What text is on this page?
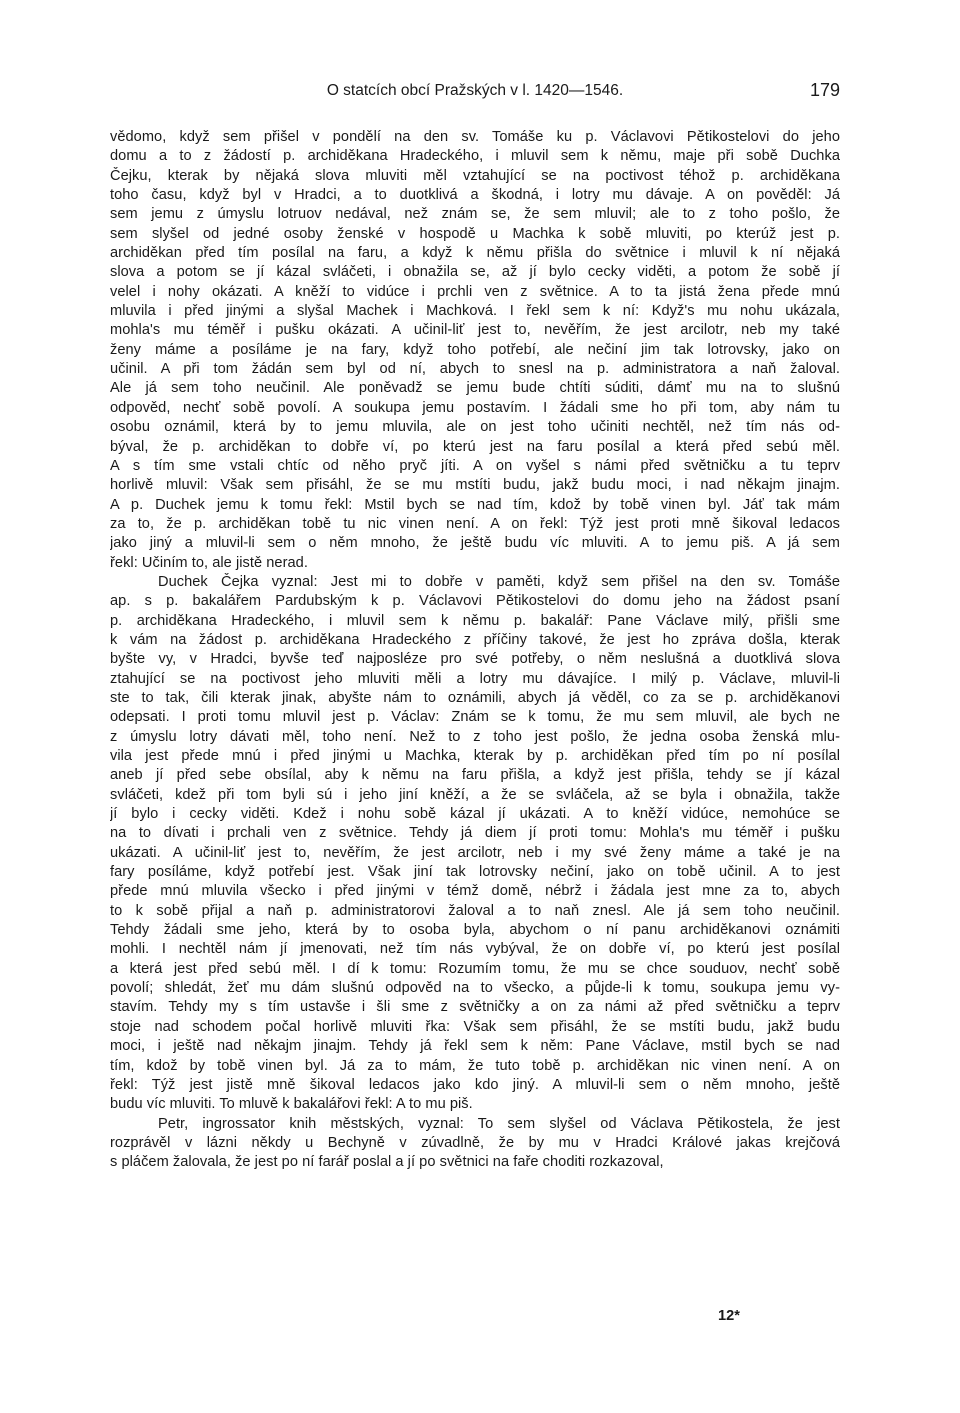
O statcích obcí Pražských v l. 1420—1546.	179
vědomo, když sem přišel v pondělí na den sv. Tomáše ku p. Václavovi Pětikostelovi do jeho
domu a to z žádostí p. archiděkana Hradeckého, i mluvil sem k němu, maje při sobě Duchka
Čejku, kterak by nějaká slova mluviti měl vztahující se na poctivost téhož p. archiděkana
toho času, když byl v Hradci, a to duotklivá a škodná, i lotry mu dávaje. A on pověděl: Já
sem jemu z úmyslu lotruov nedával, než znám se, že sem mluvil; ale to z toho pošlo, že
sem slyšel od jedné osoby ženské v hospodě u Machka k sobě mluviti, po kterúž jest p.
archiděkan před tím posílal na faru, a když k němu přišla do světnice i mluvil k ní nějaká
slova a potom se jí kázal svláčeti, i obnažila se, až jí bylo cecky viděti, a potom že sobě jí
velel i nohy okázati. A kněží to vidúce i prchli ven z světnice. A to ta jistá žena přede mnú
mluvila i před jinými a slyšal Machek i Machková. I řekl sem k ní: Když's mu nohu ukázala,
mohla's mu téměř i pušku okázati. A učinil-liť jest to, nevěřím, že jest arcilotr, neb my také
ženy máme a posíláme je na fary, když toho potřebí, ale nečiní jim tak lotrovsky, jako on
učinil. A při tom žádán sem byl od ní, abych to snesl na p. administratora a naň žaloval.
Ale já sem toho neučinil. Ale poněvadž se jemu bude chtíti súditi, dámť mu na to slušnú
odpověd, nechť sobě povolí. A soukupa jemu postavím. I žádali sme ho při tom, aby nám tu
osobu oznámil, která by to jemu mluvila, ale on jest toho učiniti nechtěl, než tím nás od-
býval, že p. archiděkan to dobře ví, po kterú jest na faru posílal a která před sebú měl.
A s tím sme vstali chtíc od něho pryč jíti. A on vyšel s námi před světničku a tu teprv
horlivě mluvil: Však sem přisáhl, že se mu mstíti budu, jakž budu moci, i nad někajm jinajm.
A p. Duchek jemu k tomu řekl: Mstil bych se nad tím, kdož by tobě vinen byl. Jáť tak mám
za to, že p. archiděkan tobě tu nic vinen není. A on řekl: Týž jest proti mně šikoval ledacos
jako jiný a mluvil-li sem o něm mnoho, že ještě budu víc mluviti. A to jemu piš. A já sem
řekl: Učiním to, ale jistě nerad.
Duchek Čejka vyznal: Jest mi to dobře v paměti, když sem přišel na den sv. Tomáše
ap. s p. bakalářem Pardubským k p. Václavovi Pětikostelovi do domu jeho na žádost psaní
p. archiděkana Hradeckého, i mluvil sem k němu p. bakalář: Pane Václave milý, přišli sme
k vám na žádost p. archiděkana Hradeckého z příčiny takové, že jest ho zpráva došla, kterak
byšte vy, v Hradci, byvše teď najposléze pro své potřeby, o něm neslušná a duotklivá slova
ztahující se na poctivost jeho mluviti měli a lotry mu dávajíce. I milý p. Václave, mluvil-li
ste to tak, čili kterak jinak, abyšte nám to oznámili, abych já věděl, co za se p. archiděkanovi
odepsati. I proti tomu mluvil jest p. Václav: Znám se k tomu, že mu sem mluvil, ale bych ne
z úmyslu lotry dávati měl, toho není. Než to z toho jest pošlo, že jedna osoba ženská mlu-
vila jest přede mnú i před jinými u Machka, kterak by p. archiděkan před tím po ní posílal
aneb jí před sebe obsílal, aby k němu na faru přišla, a když jest přišla, tehdy se jí kázal
svláčeti, kdež při tom byli sú i jeho jiní kněží, a že se svláčela, až se byla i obnažila, takže
jí bylo i cecky viděti. Kdež i nohu sobě kázal jí ukázati. A to kněží vidúce, nemohúce se
na to dívati i prchali ven z světnice. Tehdy já diem jí proti tomu: Mohla's mu téměř i pušku
ukázati. A učinil-liť jest to, nevěřím, že jest arcilotr, neb i my své ženy máme a také je na
fary posíláme, když potřebí jest. Však jiní tak lotrovsky nečiní, jako on tobě učinil. A to jest
přede mnú mluvila všecko i před jinými v témž domě, nébrž i žádala jest mne za to, abych
to k sobě přijal a naň p. administratorovi žaloval a to naň znesl. Ale já sem toho neučinil.
Tehdy žádali sme jeho, která by to osoba byla, abychom o ní panu archiděkanovi oznámiti
mohli. I nechtěl nám jí jmenovati, než tím nás vybýval, že on dobře ví, po kterú jest posílal
a která jest před sebú měl. I dí k tomu: Rozumím tomu, že mu se chce souduov, nechť sobě
povolí; shledát, žeť mu dám slušnú odpověd na to všecko, a půjde-li k tomu, soukupa jemu vy-
stavím. Tehdy my s tím ustavše i šli sme z světničky a on za námi až před světničku a teprv
stoje nad schodem počal horlivě mluviti řka: Však sem přisáhl, že se mstíti budu, jakž budu
moci, i ještě nad někajm jinajm. Tehdy já řekl sem k něm: Pane Václave, mstil bych se nad
tím, kdož by tobě vinen byl. Já za to mám, že tuto tobě p. archiděkan nic vinen není. A on
řekl: Týž jest jistě mně šikoval ledacos jako kdo jiný. A mluvil-li sem o něm mnoho, ještě
budu víc mluviti. To mluvě k bakalářovi řekl: A to mu piš.
Petr, ingrossator knih městských, vyznal: To sem slyšel od Václava Pětikostela, že jest
rozprávěl v lázni někdy u Bechyně v zúvadlně, že by mu v Hradci Králové jakas krejčová
s pláčem žalovala, že jest po ní farář poslal a jí po světnici na faře choditi rozkazoval,
12*
